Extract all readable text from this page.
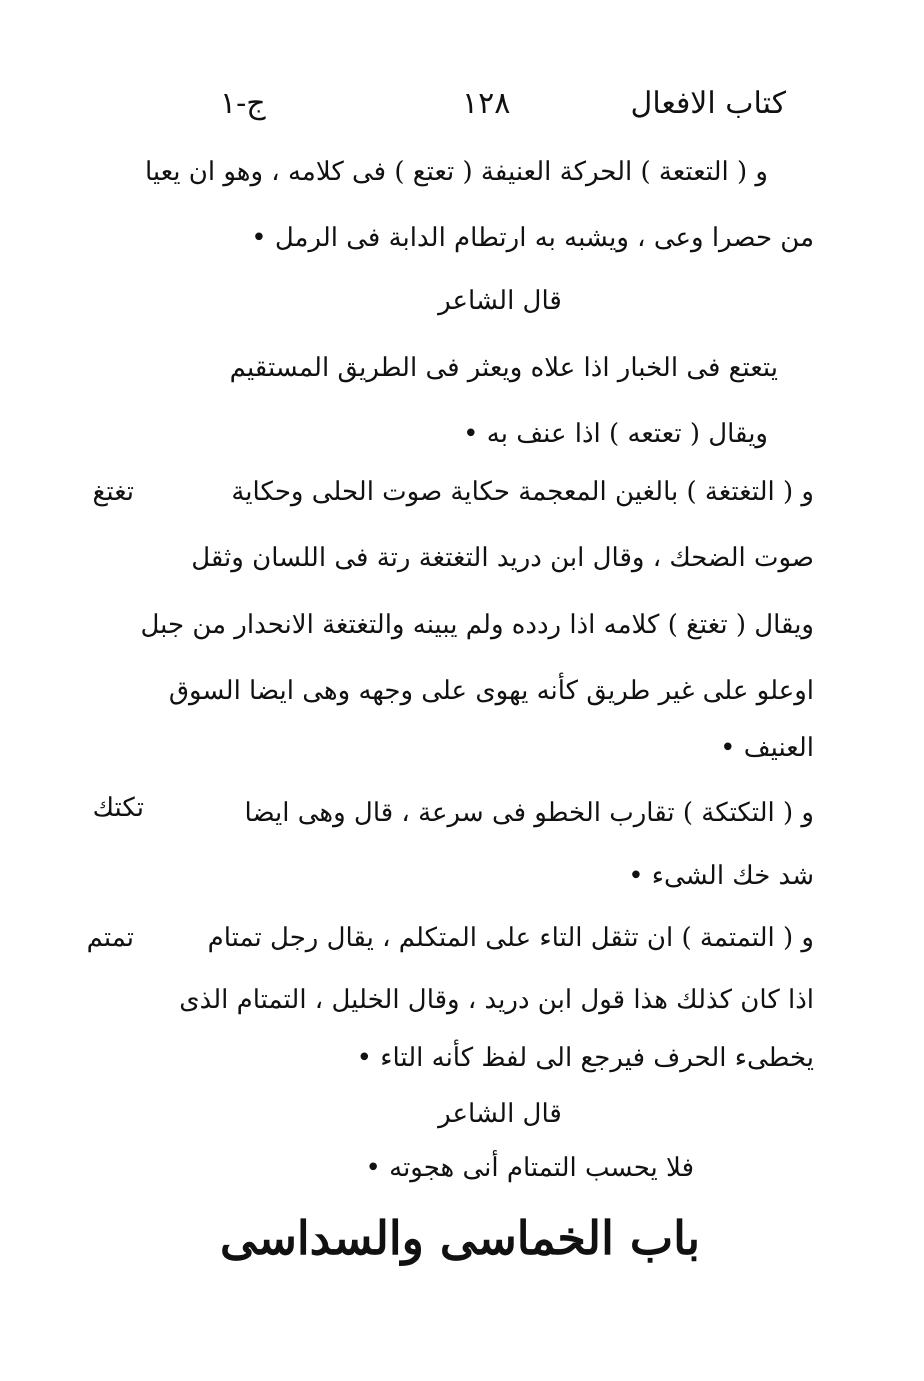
كتاب الافعال
١٢٨
ج-١
و ( التعتعة ) الحركة العنيفة ( تعتع ) فى كلامه ، وهو ان يعيا
من حصرا وعى ، ويشبه به ارتطام الدابة فى الرمل •
قال الشاعر
يتعتع فى الخبار اذا علاه ويعثر فى الطريق المستقيم
ويقال ( تعتعه ) اذا عنف به •
تغتغ	و ( التغتغة ) بالغين المعجمة حكاية صوت الحلى وحكاية
صوت الضحك ، وقال ابن دريد التغتغة رتة فى اللسان وثقل
ويقال ( تغتغ ) كلامه اذا ردده ولم يبينه والتغتغة الانحدار من جبل
اوعلو على غير طريق كأنه يهوى على وجهه وهى ايضا السوق
العنيف •
تكتك	و ( التكتكة ) تقارب الخطو فى سرعة ، قال وهى ايضا
شد خك الشىء •
تمتم	و ( التمتمة ) ان تثقل التاء على المتكلم ، يقال رجل تمتام
اذا كان كذلك هذا قول ابن دريد ، وقال الخليل ، التمتام الذى
يخطىء الحرف فيرجع الى لفظ كأنه التاء •
قال الشاعر
فلا يحسب التمتام أنى هجوته •
باب الخماسى والسداسى
